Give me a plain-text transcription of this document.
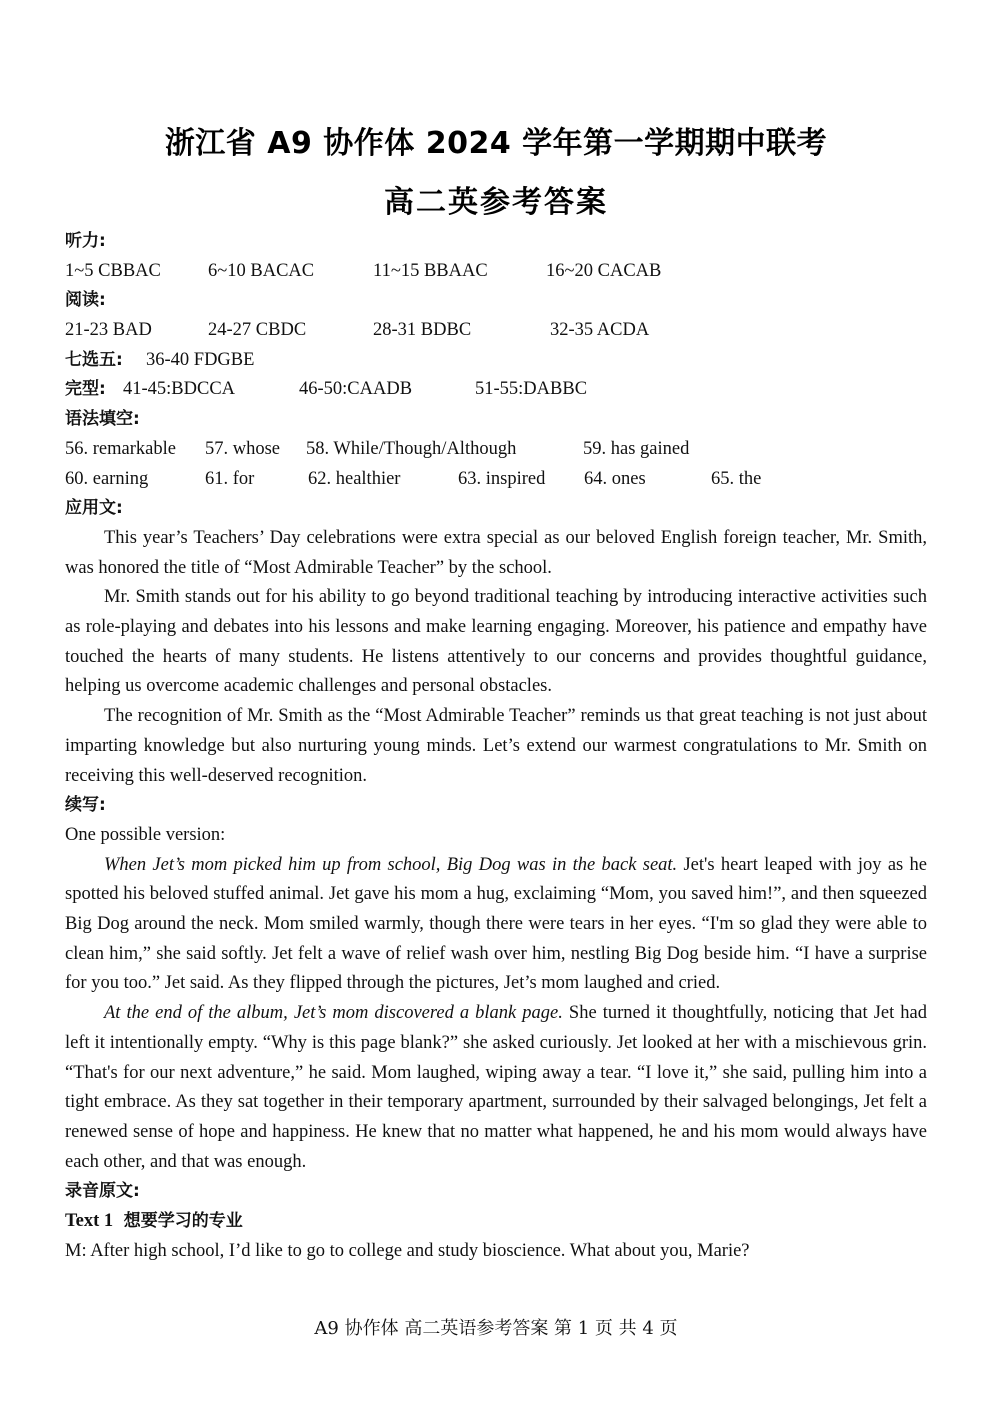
浙江省 A9 协作体 2024 学年第一学期期中联考
高二英参考答案
听力:
1~5 CBBAC	6~10 BACAC	11~15 BBAAC	16~20 CACAB
阅读:
21-23 BAD	24-27 CBDC	28-31 BDBC	32-35 ACDA
七选五: 36-40 FDGBE
完型: 41-45:BDCCA	46-50:CAADB	51-55:DABBC
语法填空:
56. remarkable 57. whose 58. While/Though/Although	59. has gained
60. earning	61. for	62. healthier	63. inspired 64. ones	65. the
应用文:

This year’s Teachers’ Day celebrations were extra special as our beloved English foreign teacher, Mr. Smith, was honored the title of “Most Admirable Teacher” by the school.

Mr. Smith stands out for his ability to go beyond traditional teaching by introducing interactive activities such as role-playing and debates into his lessons and make learning engaging. Moreover, his patience and empathy have touched the hearts of many students. He listens attentively to our concerns and provides thoughtful guidance, helping us overcome academic challenges and personal obstacles.

The recognition of Mr. Smith as the “Most Admirable Teacher” reminds us that great teaching is not just about imparting knowledge but also nurturing young minds. Let’s extend our warmest congratulations to Mr. Smith on receiving this well-deserved recognition.

续写:

One possible version:

When Jet’s mom picked him up from school, Big Dog was in the back seat. Jet's heart leaped with joy as he spotted his beloved stuffed animal. Jet gave his mom a hug, exclaiming “Mom, you saved him!”, and then squeezed Big Dog around the neck. Mom smiled warmly, though there were tears in her eyes. “I'm so glad they were able to clean him,” she said softly. Jet felt a wave of relief wash over him, nestling Big Dog beside him. “I have a surprise for you too.” Jet said. As they flipped through the pictures, Jet’s mom laughed and cried.

At the end of the album, Jet’s mom discovered a blank page. She turned it thoughtfully, noticing that Jet had left it intentionally empty. “Why is this page blank?” she asked curiously. Jet looked at her with a mischievous grin. “That's for our next adventure,” he said. Mom laughed, wiping away a tear. “I love it,” she said, pulling him into a tight embrace. As they sat together in their temporary apartment, surrounded by their salvaged belongings, Jet felt a renewed sense of hope and happiness. He knew that no matter what happened, he and his mom would always have each other, and that was enough.

录音原文:
Text 1 想要学习的专业

M: After high school, I’d like to go to college and study bioscience. What about you, Marie?

A9 协作体 高二英语参考答案 第 1 页 共 4 页
